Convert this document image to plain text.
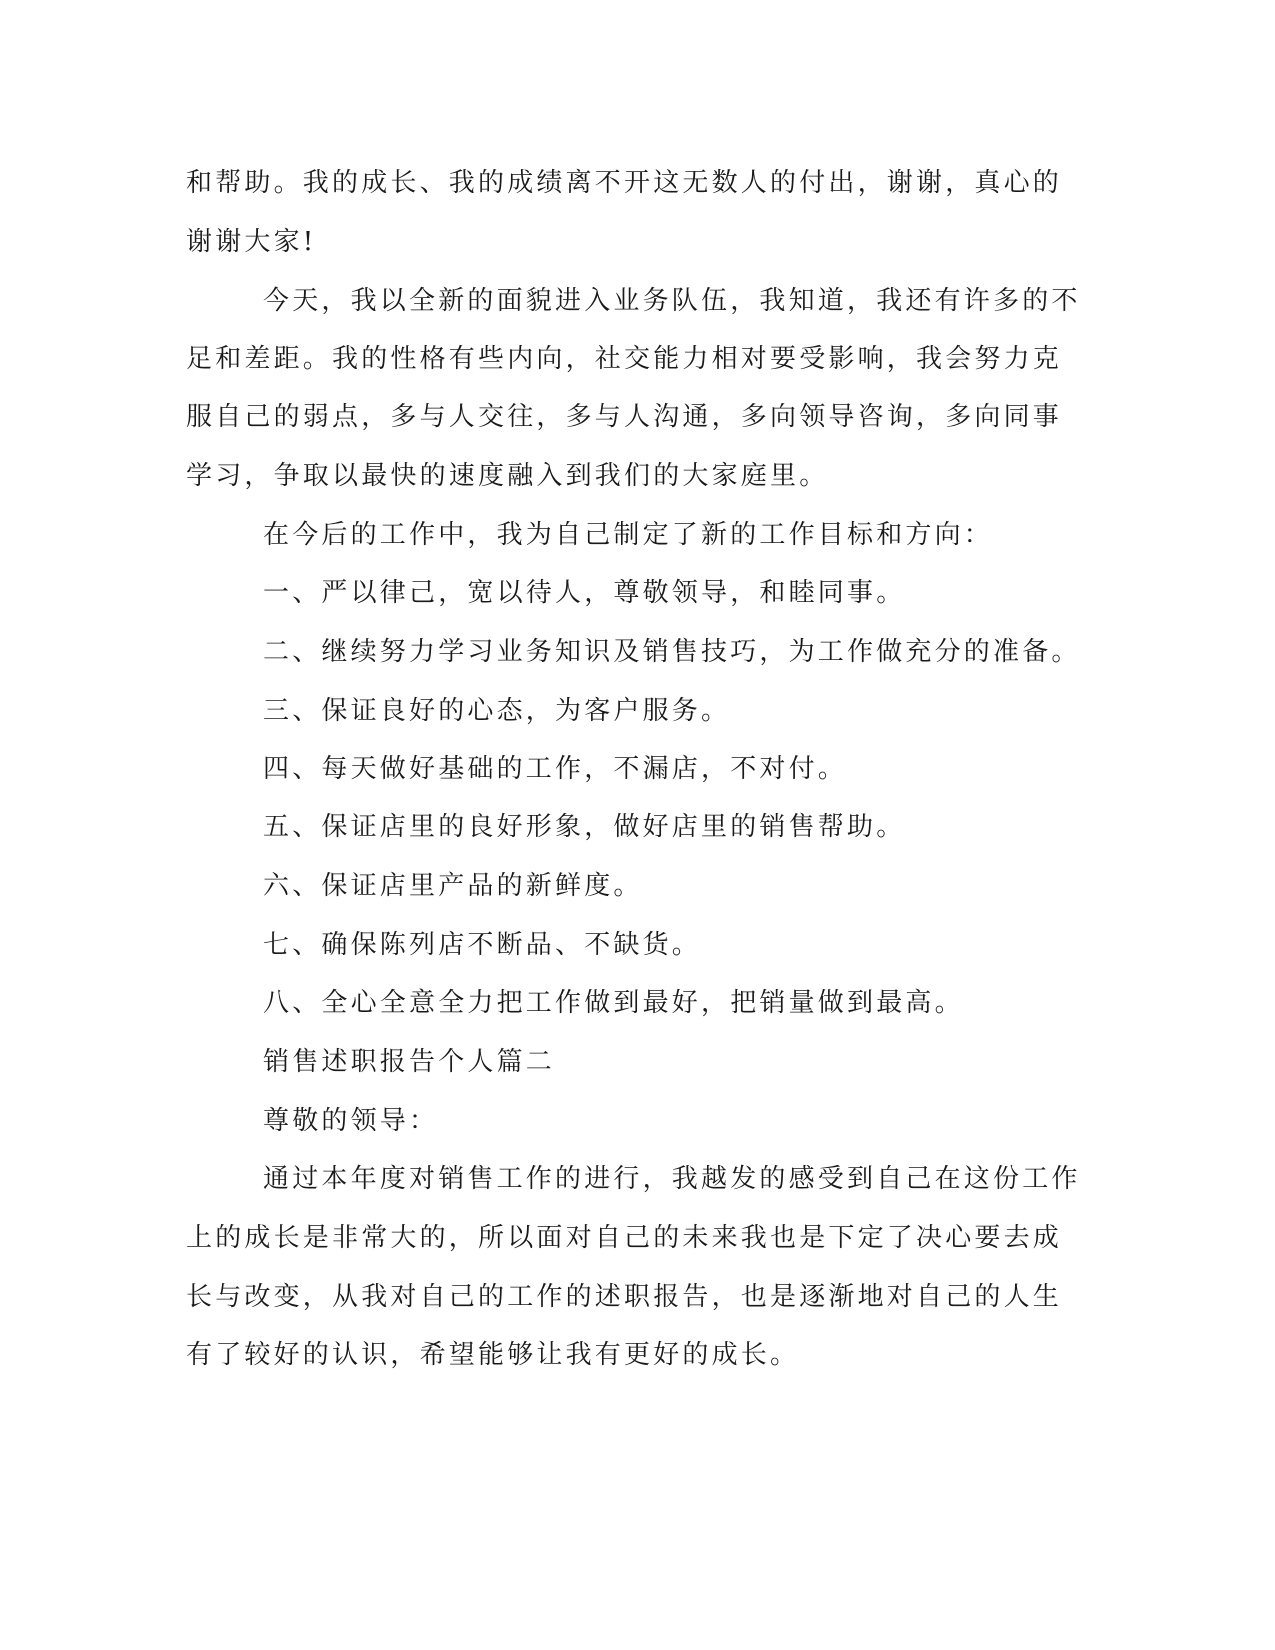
和帮助。我的成长、我的成绩离不开这无数人的付出，谢谢，真心的

谢谢大家!

今天，我以全新的面貌进入业务队伍，我知道，我还有许多的不

足和差距。我的性格有些内向，社交能力相对要受影响，我会努力克

服自己的弱点，多与人交往，多与人沟通，多向领导咨询，多向同事

学习，争取以最快的速度融入到我们的大家庭里。

在今后的工作中，我为自己制定了新的工作目标和方向：

一、严以律己，宽以待人，尊敬领导，和睦同事。

二、继续努力学习业务知识及销售技巧，为工作做充分的准备。

三、保证良好的心态，为客户服务。

四、每天做好基础的工作，不漏店，不对付。

五、保证店里的良好形象，做好店里的销售帮助。

六、保证店里产品的新鲜度。

七、确保陈列店不断品、不缺货。

八、全心全意全力把工作做到最好，把销量做到最高。

销售述职报告个人篇二

尊敬的领导：

通过本年度对销售工作的进行，我越发的感受到自己在这份工作

上的成长是非常大的，所以面对自己的未来我也是下定了决心要去成

长与改变，从我对自己的工作的述职报告，也是逐渐地对自己的人生

有了较好的认识，希望能够让我有更好的成长。
